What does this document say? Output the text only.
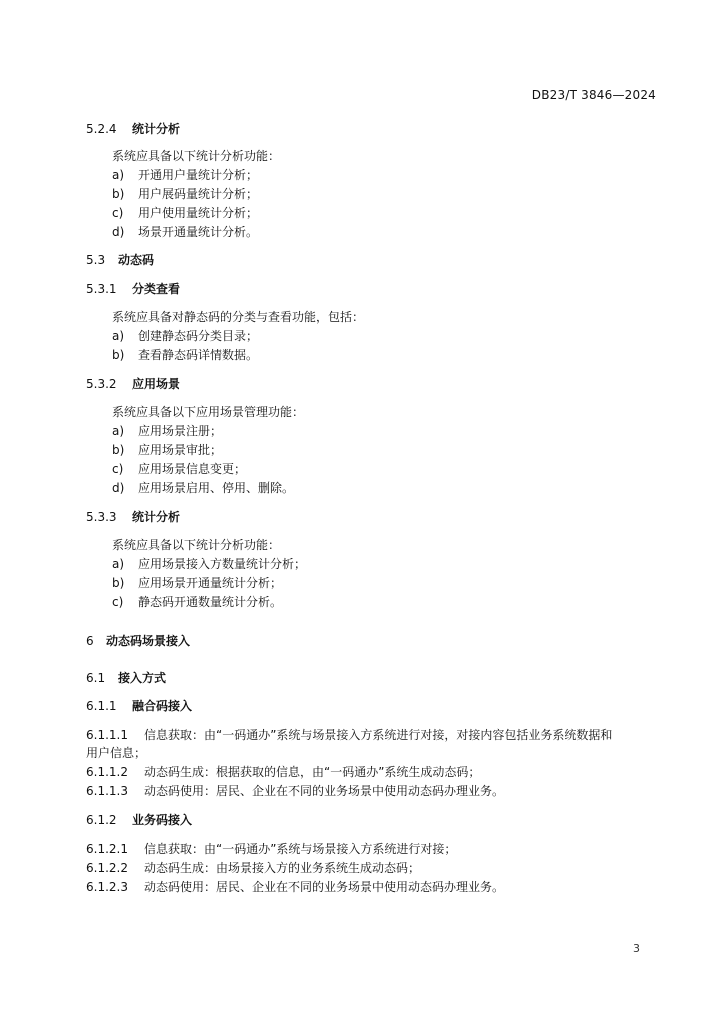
DB23/T 3846—2024
5.2.4 统计分析
系统应具备以下统计分析功能：
a) 开通用户量统计分析；
b) 用户展码量统计分析；
c) 用户使用量统计分析；
d) 场景开通量统计分析。
5.3 动态码
5.3.1 分类查看
系统应具备对静态码的分类与查看功能，包括：
a) 创建静态码分类目录；
b) 查看静态码详情数据。
5.3.2 应用场景
系统应具备以下应用场景管理功能：
a) 应用场景注册；
b) 应用场景审批；
c) 应用场景信息变更；
d) 应用场景启用、停用、删除。
5.3.3 统计分析
系统应具备以下统计分析功能：
a) 应用场景接入方数量统计分析；
b) 应用场景开通量统计分析；
c) 静态码开通数量统计分析。
6 动态码场景接入
6.1 接入方式
6.1.1 融合码接入
6.1.1.1 信息获取：由“一码通办”系统与场景接入方系统进行对接，对接内容包括业务系统数据和
用户信息；
6.1.1.2 动态码生成：根据获取的信息，由“一码通办”系统生成动态码；
6.1.1.3 动态码使用：居民、企业在不同的业务场景中使用动态码办理业务。
6.1.2 业务码接入
6.1.2.1 信息获取：由“一码通办”系统与场景接入方系统进行对接；
6.1.2.2 动态码生成：由场景接入方的业务系统生成动态码；
6.1.2.3 动态码使用：居民、企业在不同的业务场景中使用动态码办理业务。
3
